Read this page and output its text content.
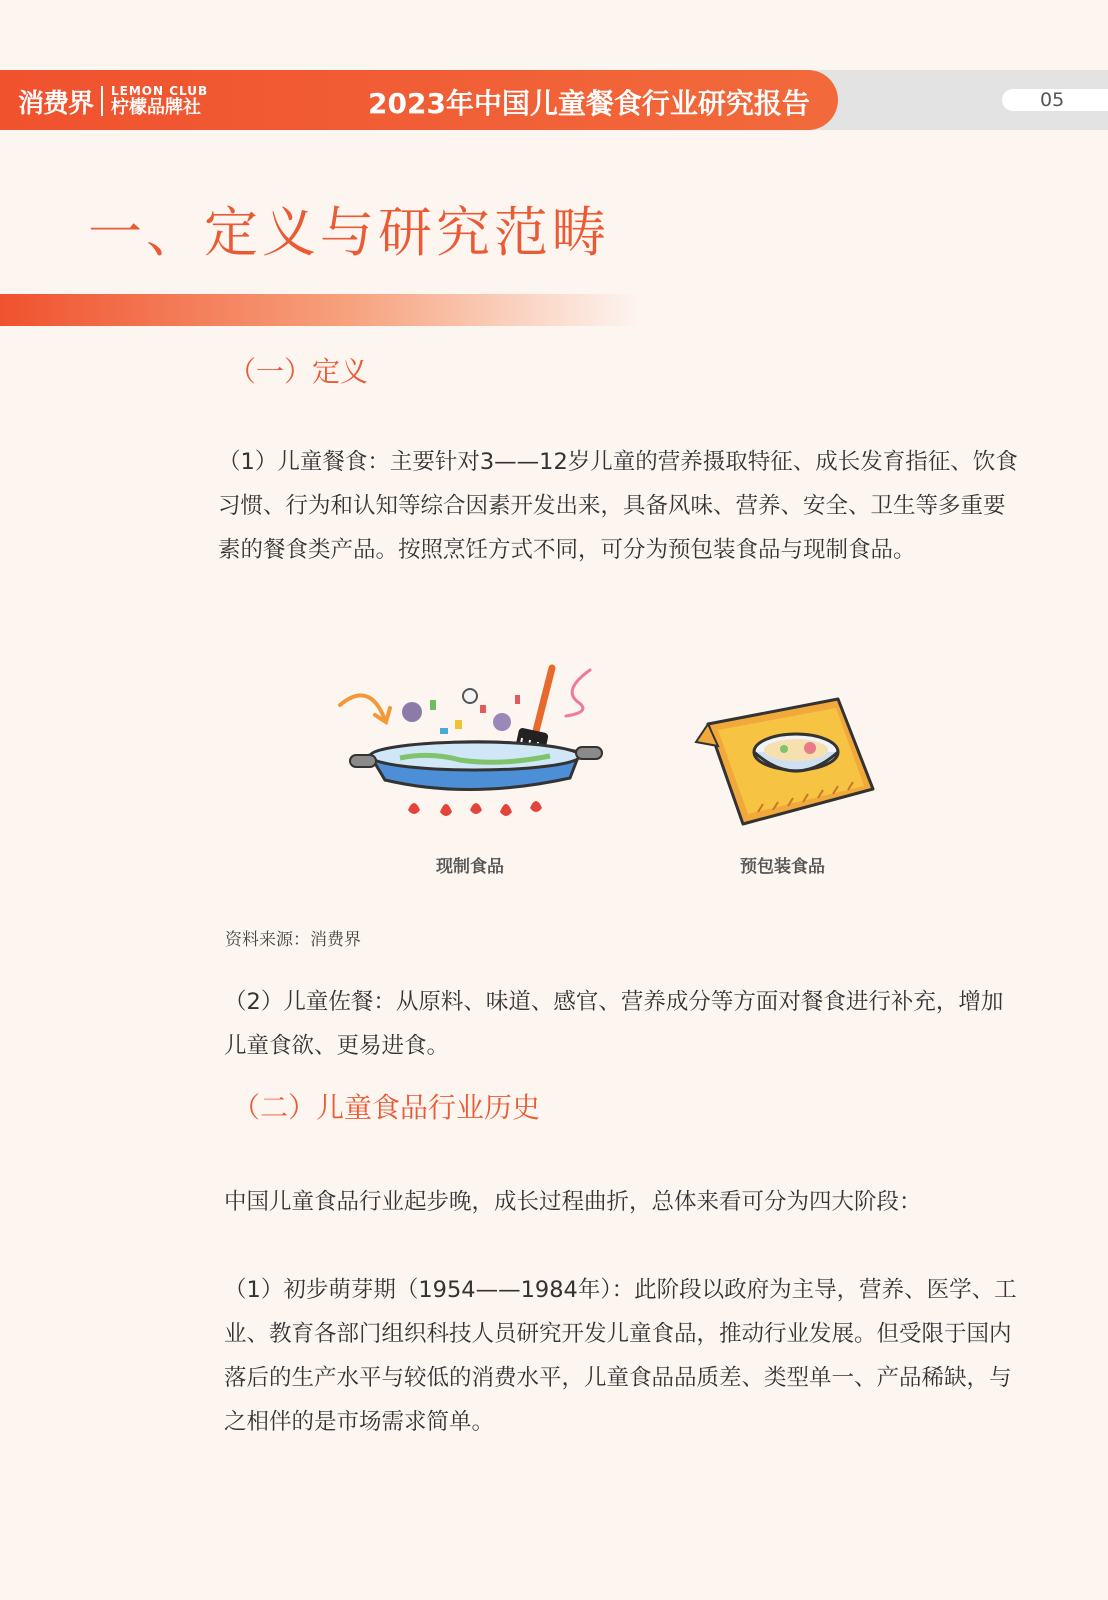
消费界 LEMON CLUB
柠檬品牌社	2023年中国儿童餐食行业研究报告	05
一、定义与研究范畴
（一）定义

（1）儿童餐食：主要针对3——12岁儿童的营养摄取特征、成长发育指征、饮食习惯、行为和认知等综合因素开发出来，具备风味、营养、安全、卫生等多重要素的餐食类产品。按照烹饪方式不同，可分为预包装食品与现制食品。

现制食品	预包装食品
资料来源：消费界

（2）儿童佐餐：从原料、味道、感官、营养成分等方面对餐食进行补充，增加儿童食欲、更易进食。

（二）儿童食品行业历史

中国儿童食品行业起步晚，成长过程曲折，总体来看可分为四大阶段：

（1）初步萌芽期（1954——1984年）：此阶段以政府为主导，营养、医学、工业、教育各部门组织科技人员研究开发儿童食品，推动行业发展。但受限于国内落后的生产水平与较低的消费水平，儿童食品品质差、类型单一、产品稀缺，与之相伴的是市场需求简单。
